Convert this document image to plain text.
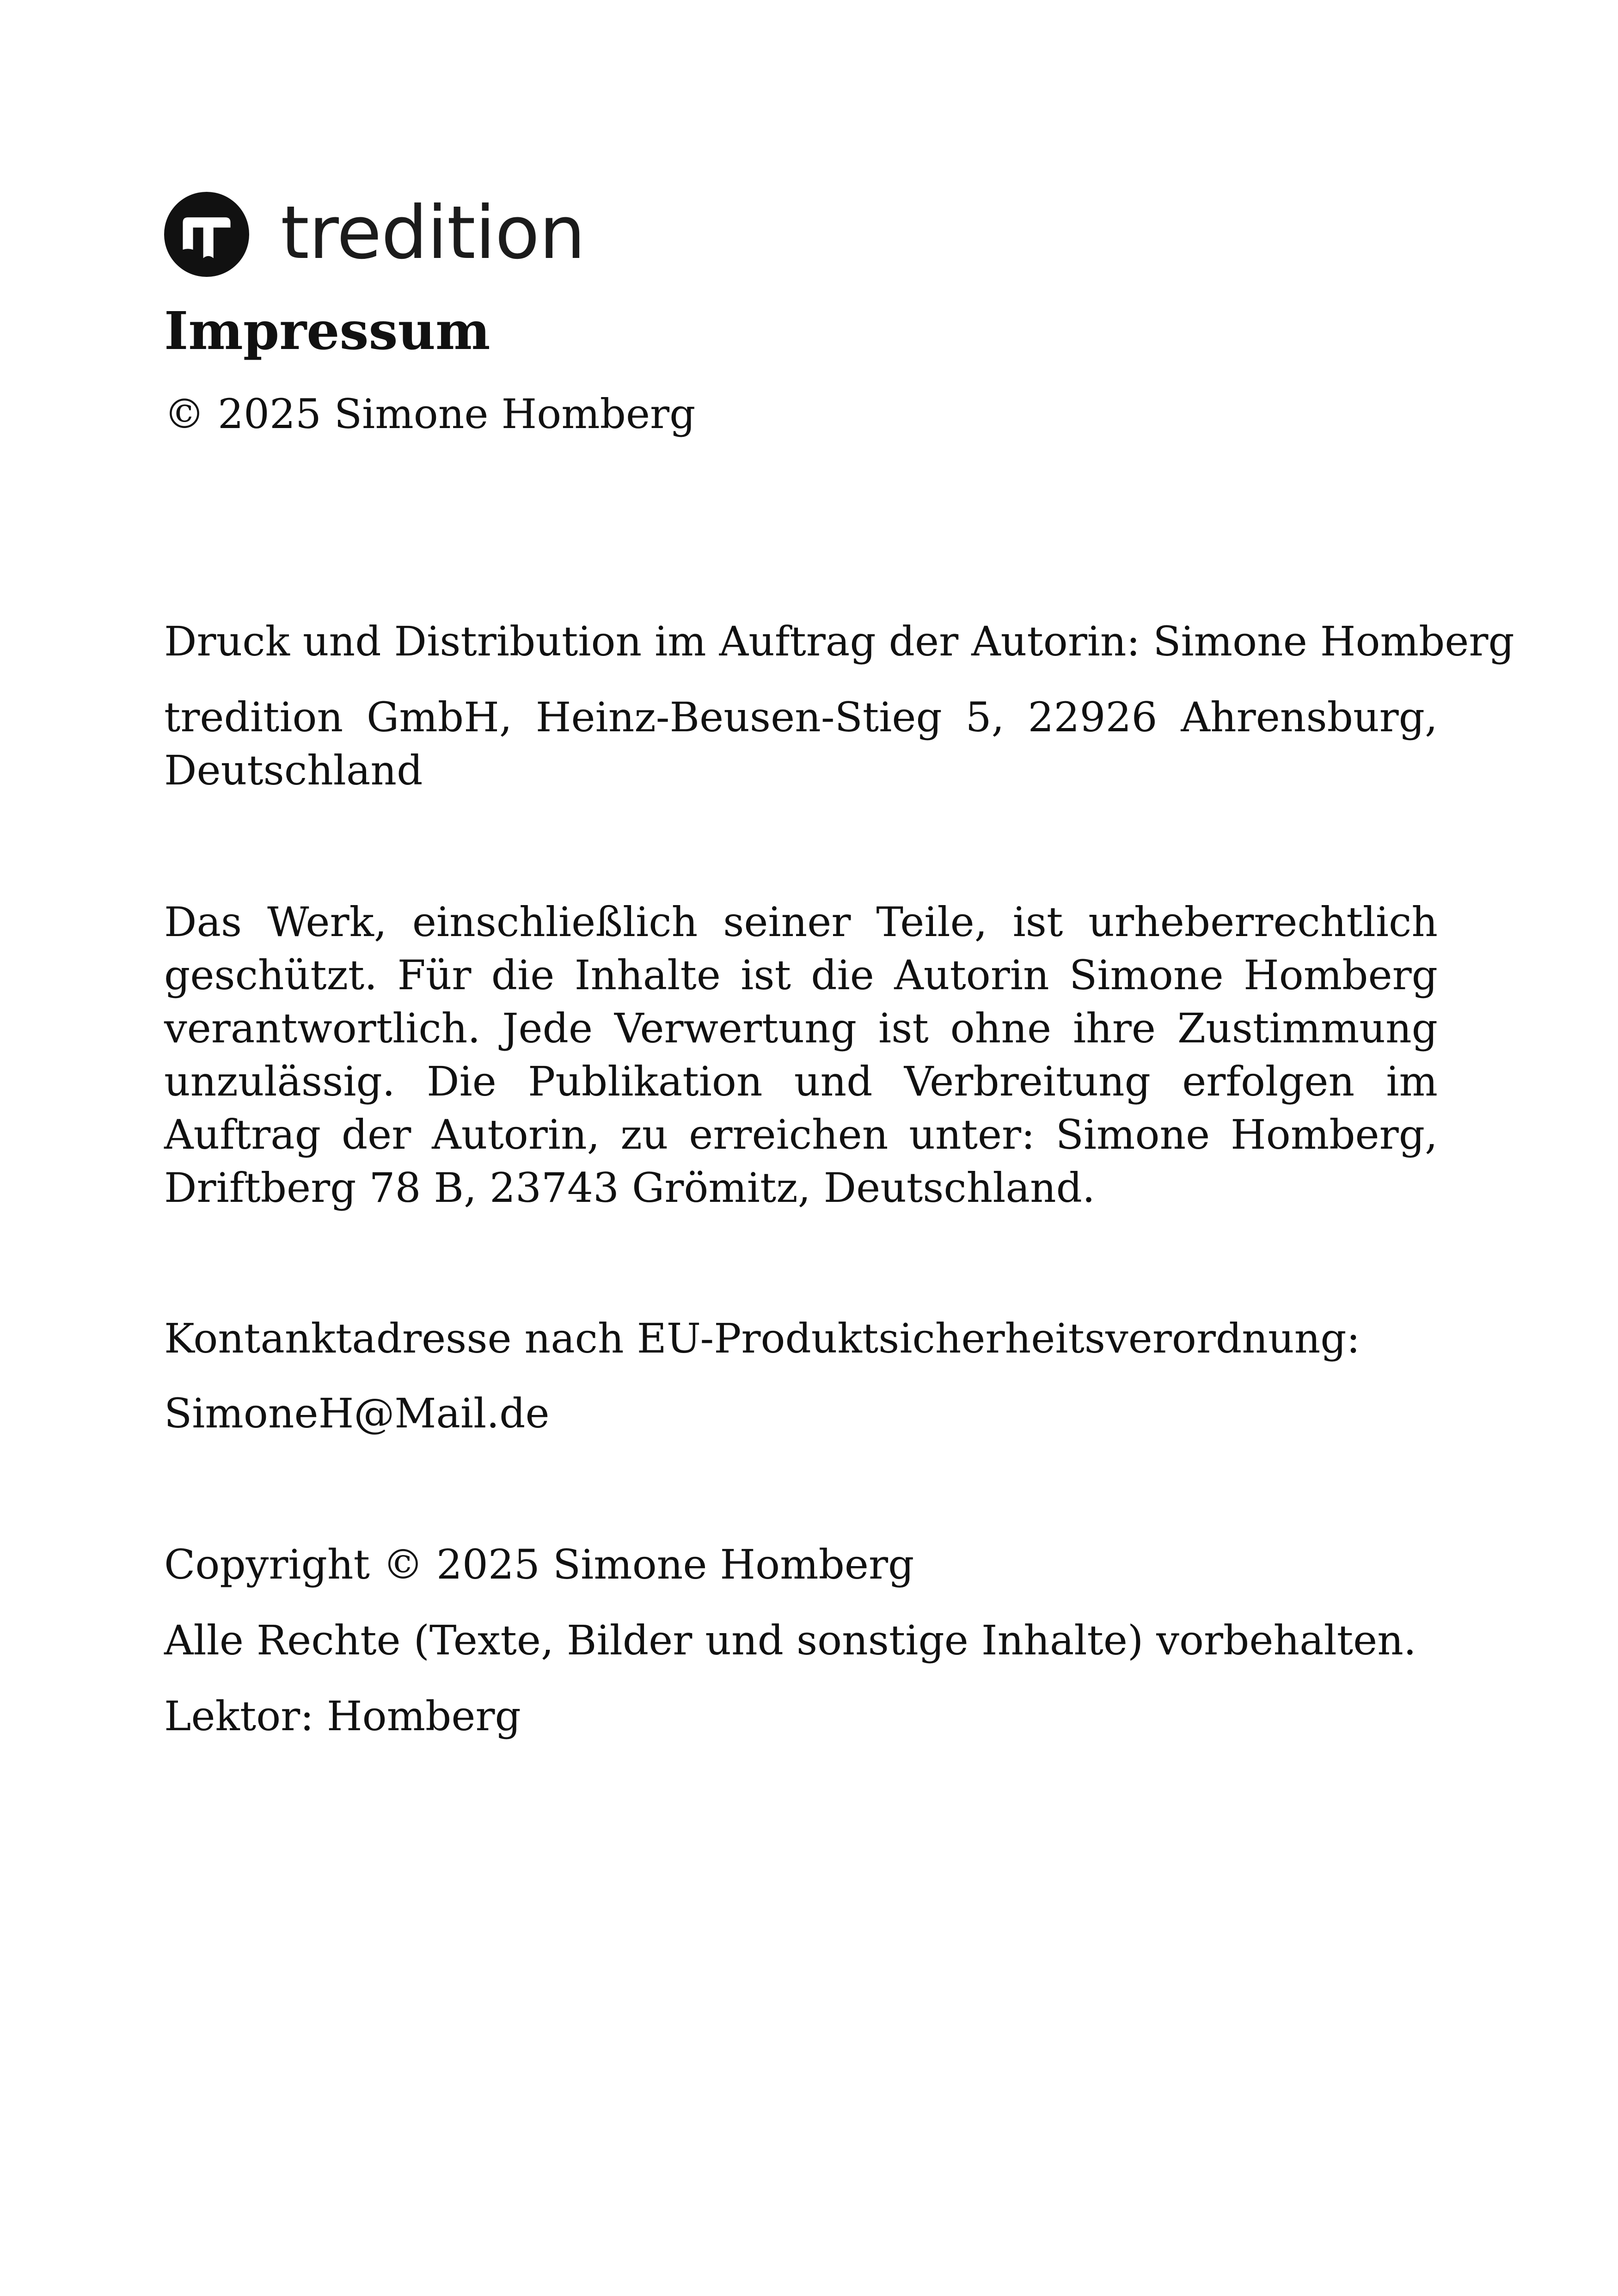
tredition
Impressum

© 2025 Simone Homberg

Druck und Distribution im Auftrag der Autorin: Simone Homberg

tredition GmbH, Heinz-Beusen-Stieg 5, 22926 Ahrensburg, Deutschland

Das Werk, einschließlich seiner Teile, ist urheberrechtlich geschützt. Für die Inhalte ist die Autorin Simone Homberg verantwortlich. Jede Verwertung ist ohne ihre Zustimmung unzulässig. Die Publikation und Verbreitung erfolgen im Auftrag der Autorin, zu erreichen unter: Simone Homberg, Driftberg 78 B, 23743 Grömitz, Deutschland.

Kontanktadresse nach EU-Produktsicherheitsverordnung:

SimoneH@Mail.de

Copyright © 2025 Simone Homberg

Alle Rechte (Texte, Bilder und sonstige Inhalte) vorbehalten.

Lektor: Homberg
